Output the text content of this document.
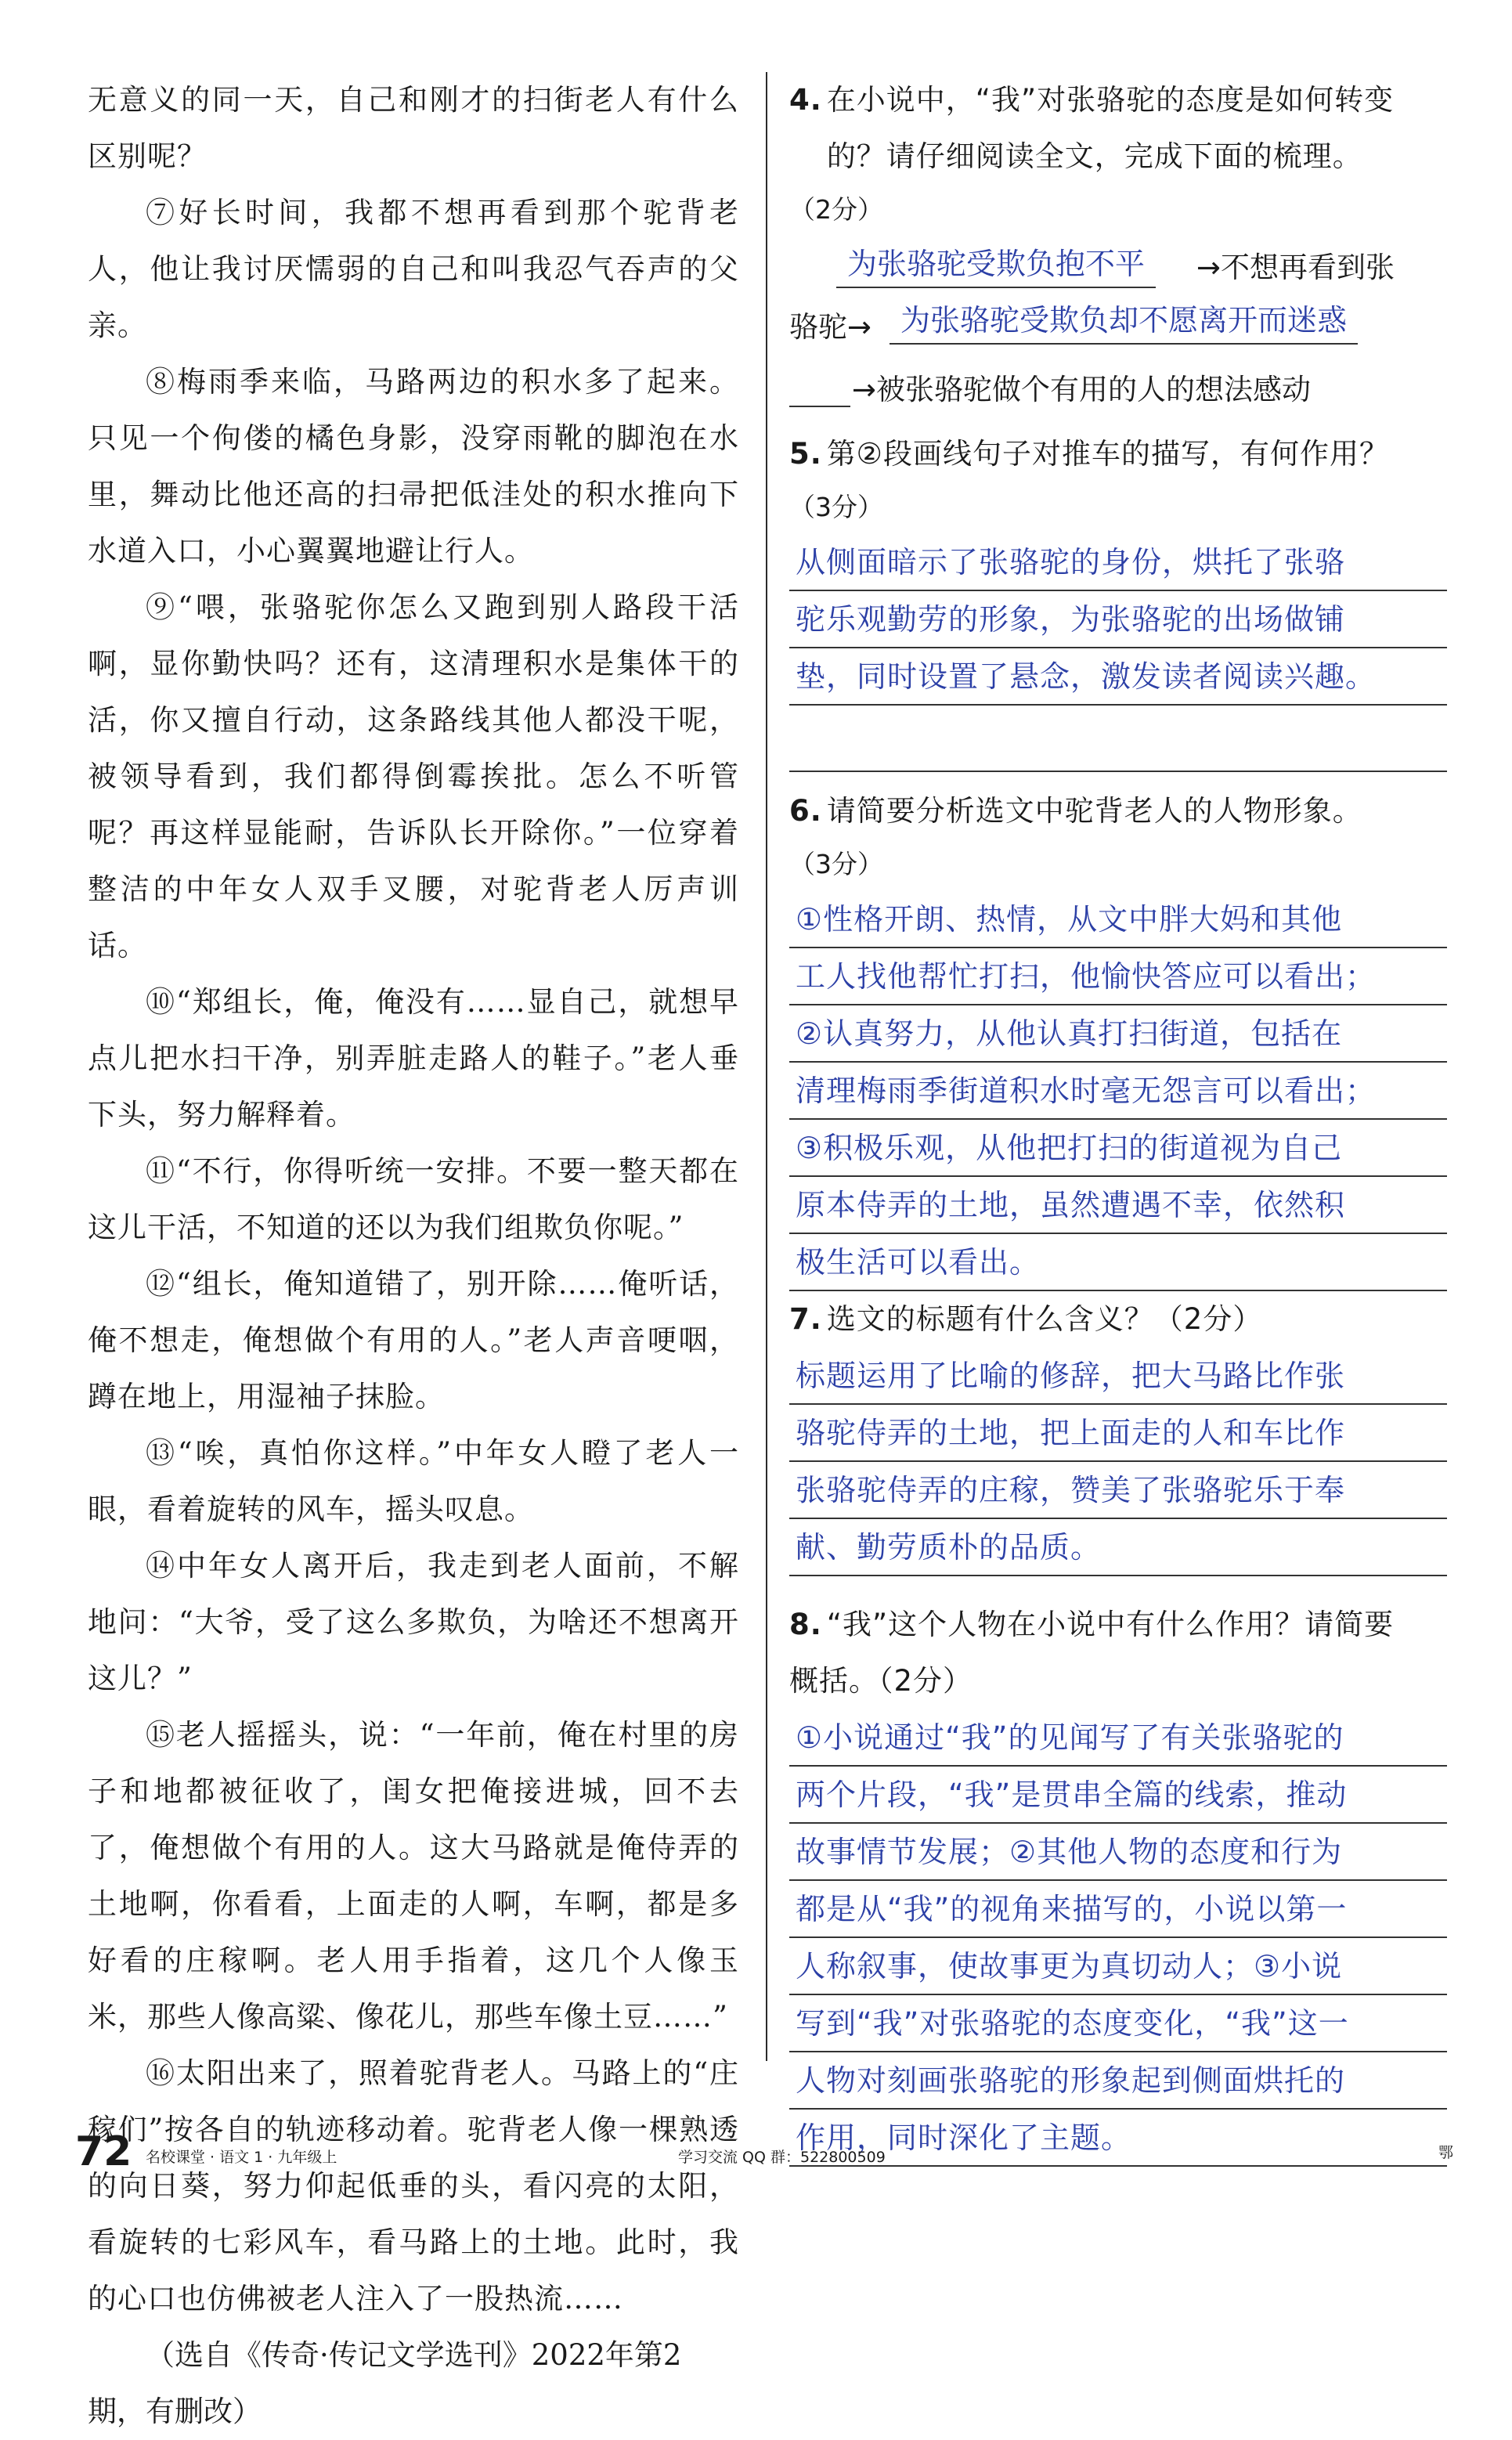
无意义的同一天，自己和刚才的扫街老人有什么区别呢？
⑦好长时间，我都不想再看到那个驼背老人，他让我讨厌懦弱的自己和叫我忍气吞声的父亲。
⑧梅雨季来临，马路两边的积水多了起来。只见一个佝偻的橘色身影，没穿雨靴的脚泡在水里，舞动比他还高的扫帚把低洼处的积水推向下水道入口，小心翼翼地避让行人。
⑨“喂，张骆驼你怎么又跑到别人路段干活啊，显你勤快吗？还有，这清理积水是集体干的活，你又擅自行动，这条路线其他人都没干呢，被领导看到，我们都得倒霉挨批。怎么不听管呢？再这样显能耐，告诉队长开除你。”一位穿着整洁的中年女人双手叉腰，对驼背老人厉声训话。
⑩“郑组长，俺，俺没有……显自己，就想早点儿把水扫干净，别弄脏走路人的鞋子。”老人垂下头，努力解释着。
⑪“不行，你得听统一安排。不要一整天都在这儿干活，不知道的还以为我们组欺负你呢。”
⑫“组长，俺知道错了，别开除……俺听话，俺不想走，俺想做个有用的人。”老人声音哽咽，蹲在地上，用湿袖子抹脸。
⑬“唉，真怕你这样。”中年女人瞪了老人一眼，看着旋转的风车，摇头叹息。
⑭中年女人离开后，我走到老人面前，不解地问：“大爷，受了这么多欺负，为啥还不想离开这儿？”
⑮老人摇摇头，说：“一年前，俺在村里的房子和地都被征收了，闺女把俺接进城，回不去了，俺想做个有用的人。这大马路就是俺侍弄的土地啊，你看看，上面走的人啊，车啊，都是多好看的庄稼啊。老人用手指着，这几个人像玉米，那些人像高粱、像花儿，那些车像土豆……”
⑯太阳出来了，照着驼背老人。马路上的“庄稼们”按各自的轨迹移动着。驼背老人像一棵熟透的向日葵，努力仰起低垂的头，看闪亮的太阳，看旋转的七彩风车，看马路上的土地。此时，我的心口也仿佛被老人注入了一股热流……
（选自《传奇·传记文学选刊》2022年第2期，有删改）
4. 在小说中，“我”对张骆驼的态度是如何转变的？请仔细阅读全文，完成下面的梳理。
（2分）
为张骆驼受欺负抱不平	→不想再看到张
骆驼→ 为张骆驼受欺负却不愿离开而迷惑
→被张骆驼做个有用的人的想法感动
5. 第②段画线句子对推车的描写，有何作用？
（3分）
从侧面暗示了张骆驼的身份，烘托了张骆
驼乐观勤劳的形象，为张骆驼的出场做铺
垫，同时设置了悬念，激发读者阅读兴趣。
6. 请简要分析选文中驼背老人的人物形象。
（3分）
①性格开朗、热情，从文中胖大妈和其他
工人找他帮忙打扫，他愉快答应可以看出；
②认真努力，从他认真打扫街道，包括在
清理梅雨季街道积水时毫无怨言可以看出；
③积极乐观，从他把打扫的街道视为自己
原本侍弄的土地，虽然遭遇不幸，依然积
极生活可以看出。
7. 选文的标题有什么含义？（2分）
标题运用了比喻的修辞，把大马路比作张
骆驼侍弄的土地，把上面走的人和车比作
张骆驼侍弄的庄稼，赞美了张骆驼乐于奉
献、勤劳质朴的品质。
8. “我”这个人物在小说中有什么作用？请简要
概括。（2分）
①小说通过“我”的见闻写了有关张骆驼的
两个片段，“我”是贯串全篇的线索，推动
故事情节发展；②其他人物的态度和行为
都是从“我”的视角来描写的，小说以第一
人称叙事，使故事更为真切动人；③小说
写到“我”对张骆驼的态度变化，“我”这一
人物对刻画张骆驼的形象起到侧面烘托的
作用，同时深化了主题。
72 名校课堂 · 语文 1 · 九年级上	学习交流 QQ 群：522800509	鄂
